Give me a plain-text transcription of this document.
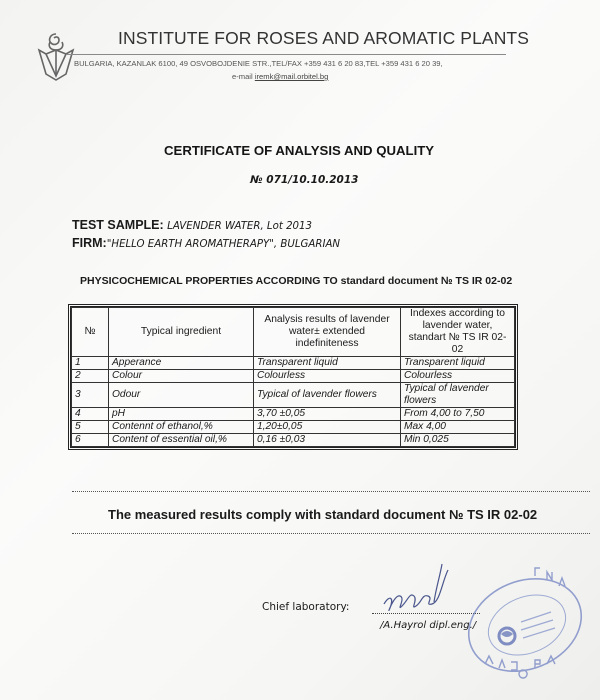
INSTITUTE FOR ROSES AND AROMATIC PLANTS
BULGARIA, KAZANLAK 6100, 49 OSVOBOJDENIE STR.,TEL/FAX +359 431 6 20 83,TEL +359 431 6 20 39,
e-mail iremk@mail.orbitel.bg
CERTIFICATE OF ANALYSIS AND QUALITY
№ 071/10.10.2013
TEST SAMPLE: LAVENDER WATER, Lot 2013
FIRM:"HELLO EARTH AROMATHERAPY", BULGARIAN
PHYSICOCHEMICAL PROPERTIES ACCORDING TO standard document № TS IR 02-02
№	Typical ingredient	Analysis results of lavender water± extended indefiniteness	Indexes according to lavender water, standart № TS IR 02-02
1	Apperance	Transparent liquid	Transparent liquid
2	Colour	Colourless	Colourless
3	Odour	Typical of lavender flowers	Typical of lavender flowers
4	pH	3,70 ±0,05	From 4,00 to 7,50
5	Contennt of ethanol,%	1,20±0,05	Max 4,00
6	Content of essential oil,%	0,16 ±0,03	Min 0,025
The measured results comply with standard document № TS IR 02-02
Chief laboratory:
/A.Hayrol dipl.eng./
